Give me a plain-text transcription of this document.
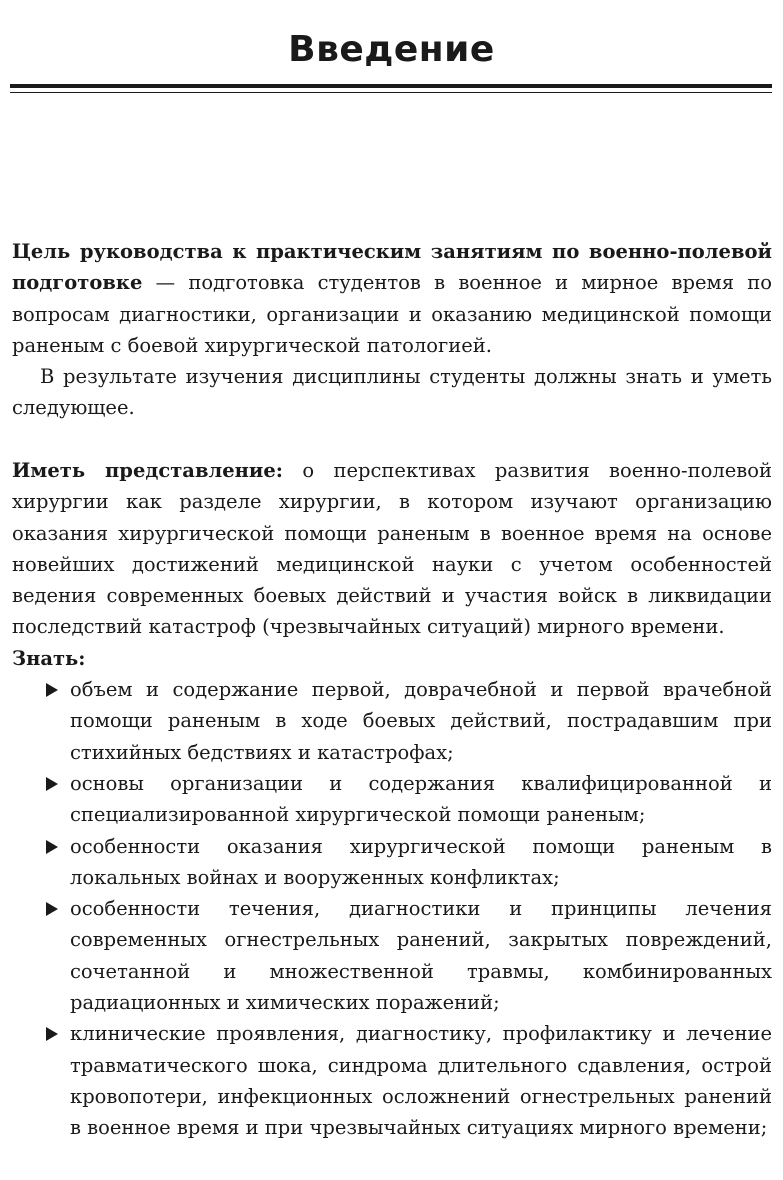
Введение

Цель руководства к практическим занятиям по военно-полевой подготовке — подготовка студентов в военное и мирное время по вопросам диагностики, организации и оказанию медицинской помощи раненым с боевой хирургической патологией.

В результате изучения дисциплины студенты должны знать и уметь следующее.

Иметь представление: о перспективах развития военно-полевой хирургии как разделе хирургии, в котором изучают организацию оказания хирургической помощи раненым в военное время на основе новейших достижений медицинской науки с учетом особенностей ведения современных боевых действий и участия войск в ликвидации последствий катастроф (чрезвычайных ситуаций) мирного времени.

Знать:

объем и содержание первой, доврачебной и первой врачебной помощи раненым в ходе боевых действий, пострадавшим при стихийных бедствиях и катастрофах;
основы организации и содержания квалифицированной и специализированной хирургической помощи раненым;
особенности оказания хирургической помощи раненым в локальных войнах и вооруженных конфликтах;
особенности течения, диагностики и принципы лечения современных огнестрельных ранений, закрытых повреждений, сочетанной и множественной травмы, комбинированных радиационных и химических поражений;
клинические проявления, диагностику, профилактику и лечение травматического шока, синдрома длительного сдавления, острой кровопотери, инфекционных осложнений огнестрельных ранений в военное время и при чрезвычайных ситуациях мирного времени;
